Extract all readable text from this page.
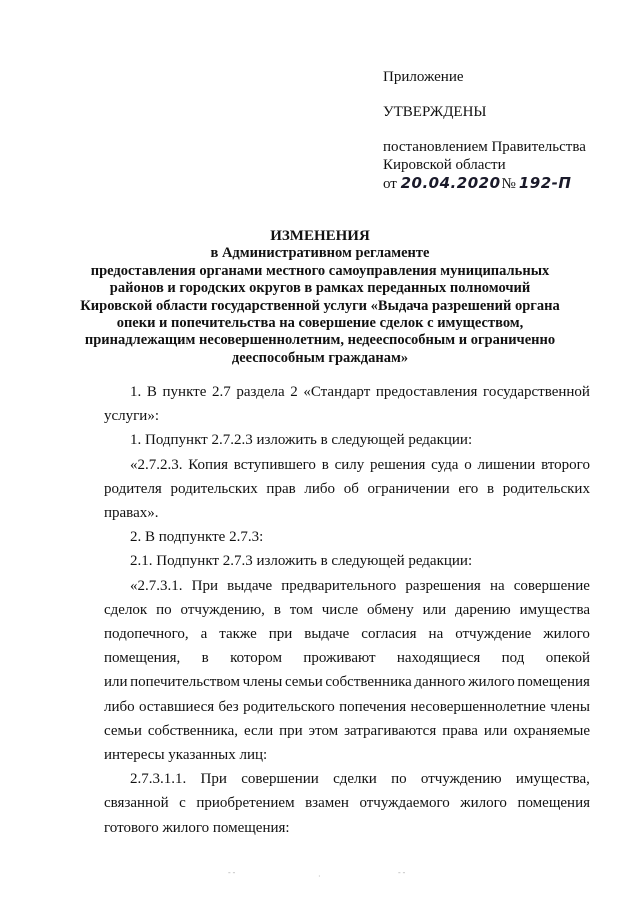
Приложение
УТВЕРЖДЕНЫ
постановлением Правительства
Кировской области
от 20.04.2020№ 192-П
ИЗМЕНЕНИЯ
в Административном регламенте
предоставления органами местного самоуправления муниципальных
районов и городских округов в рамках переданных полномочий
Кировской области государственной услуги «Выдача разрешений органа
опеки и попечительства на совершение сделок с имуществом,
принадлежащим несовершеннолетним, недееспособным и ограниченно
дееспособным гражданам»
1. В пункте 2.7 раздела 2 «Стандарт предоставления государственной
услуги»:
1. Подпункт 2.7.2.3 изложить в следующей редакции:
«2.7.2.3. Копия вступившего в силу решения суда о лишении второго
родителя родительских прав либо об ограничении его в родительских
правах».
2. В подпункте 2.7.3:
2.1. Подпункт 2.7.3 изложить в следующей редакции:
«2.7.3.1. При выдаче предварительного разрешения на совершение
сделок по отчуждению, в том числе обмену или дарению имущества
подопечного, а также при выдаче согласия на отчуждение жилого
помещения, в котором проживают находящиеся под опекой
или попечительством члены семьи собственника данного жилого помещения
либо оставшиеся без родительского попечения несовершеннолетние члены
семьи собственника, если при этом затрагиваются права или охраняемые
интересы указанных лиц:
2.7.3.1.1. При совершении сделки по отчуждению имущества,
связанной с приобретением взамен отчуждаемого жилого помещения
готового жилого помещения:
- -	·	- -
